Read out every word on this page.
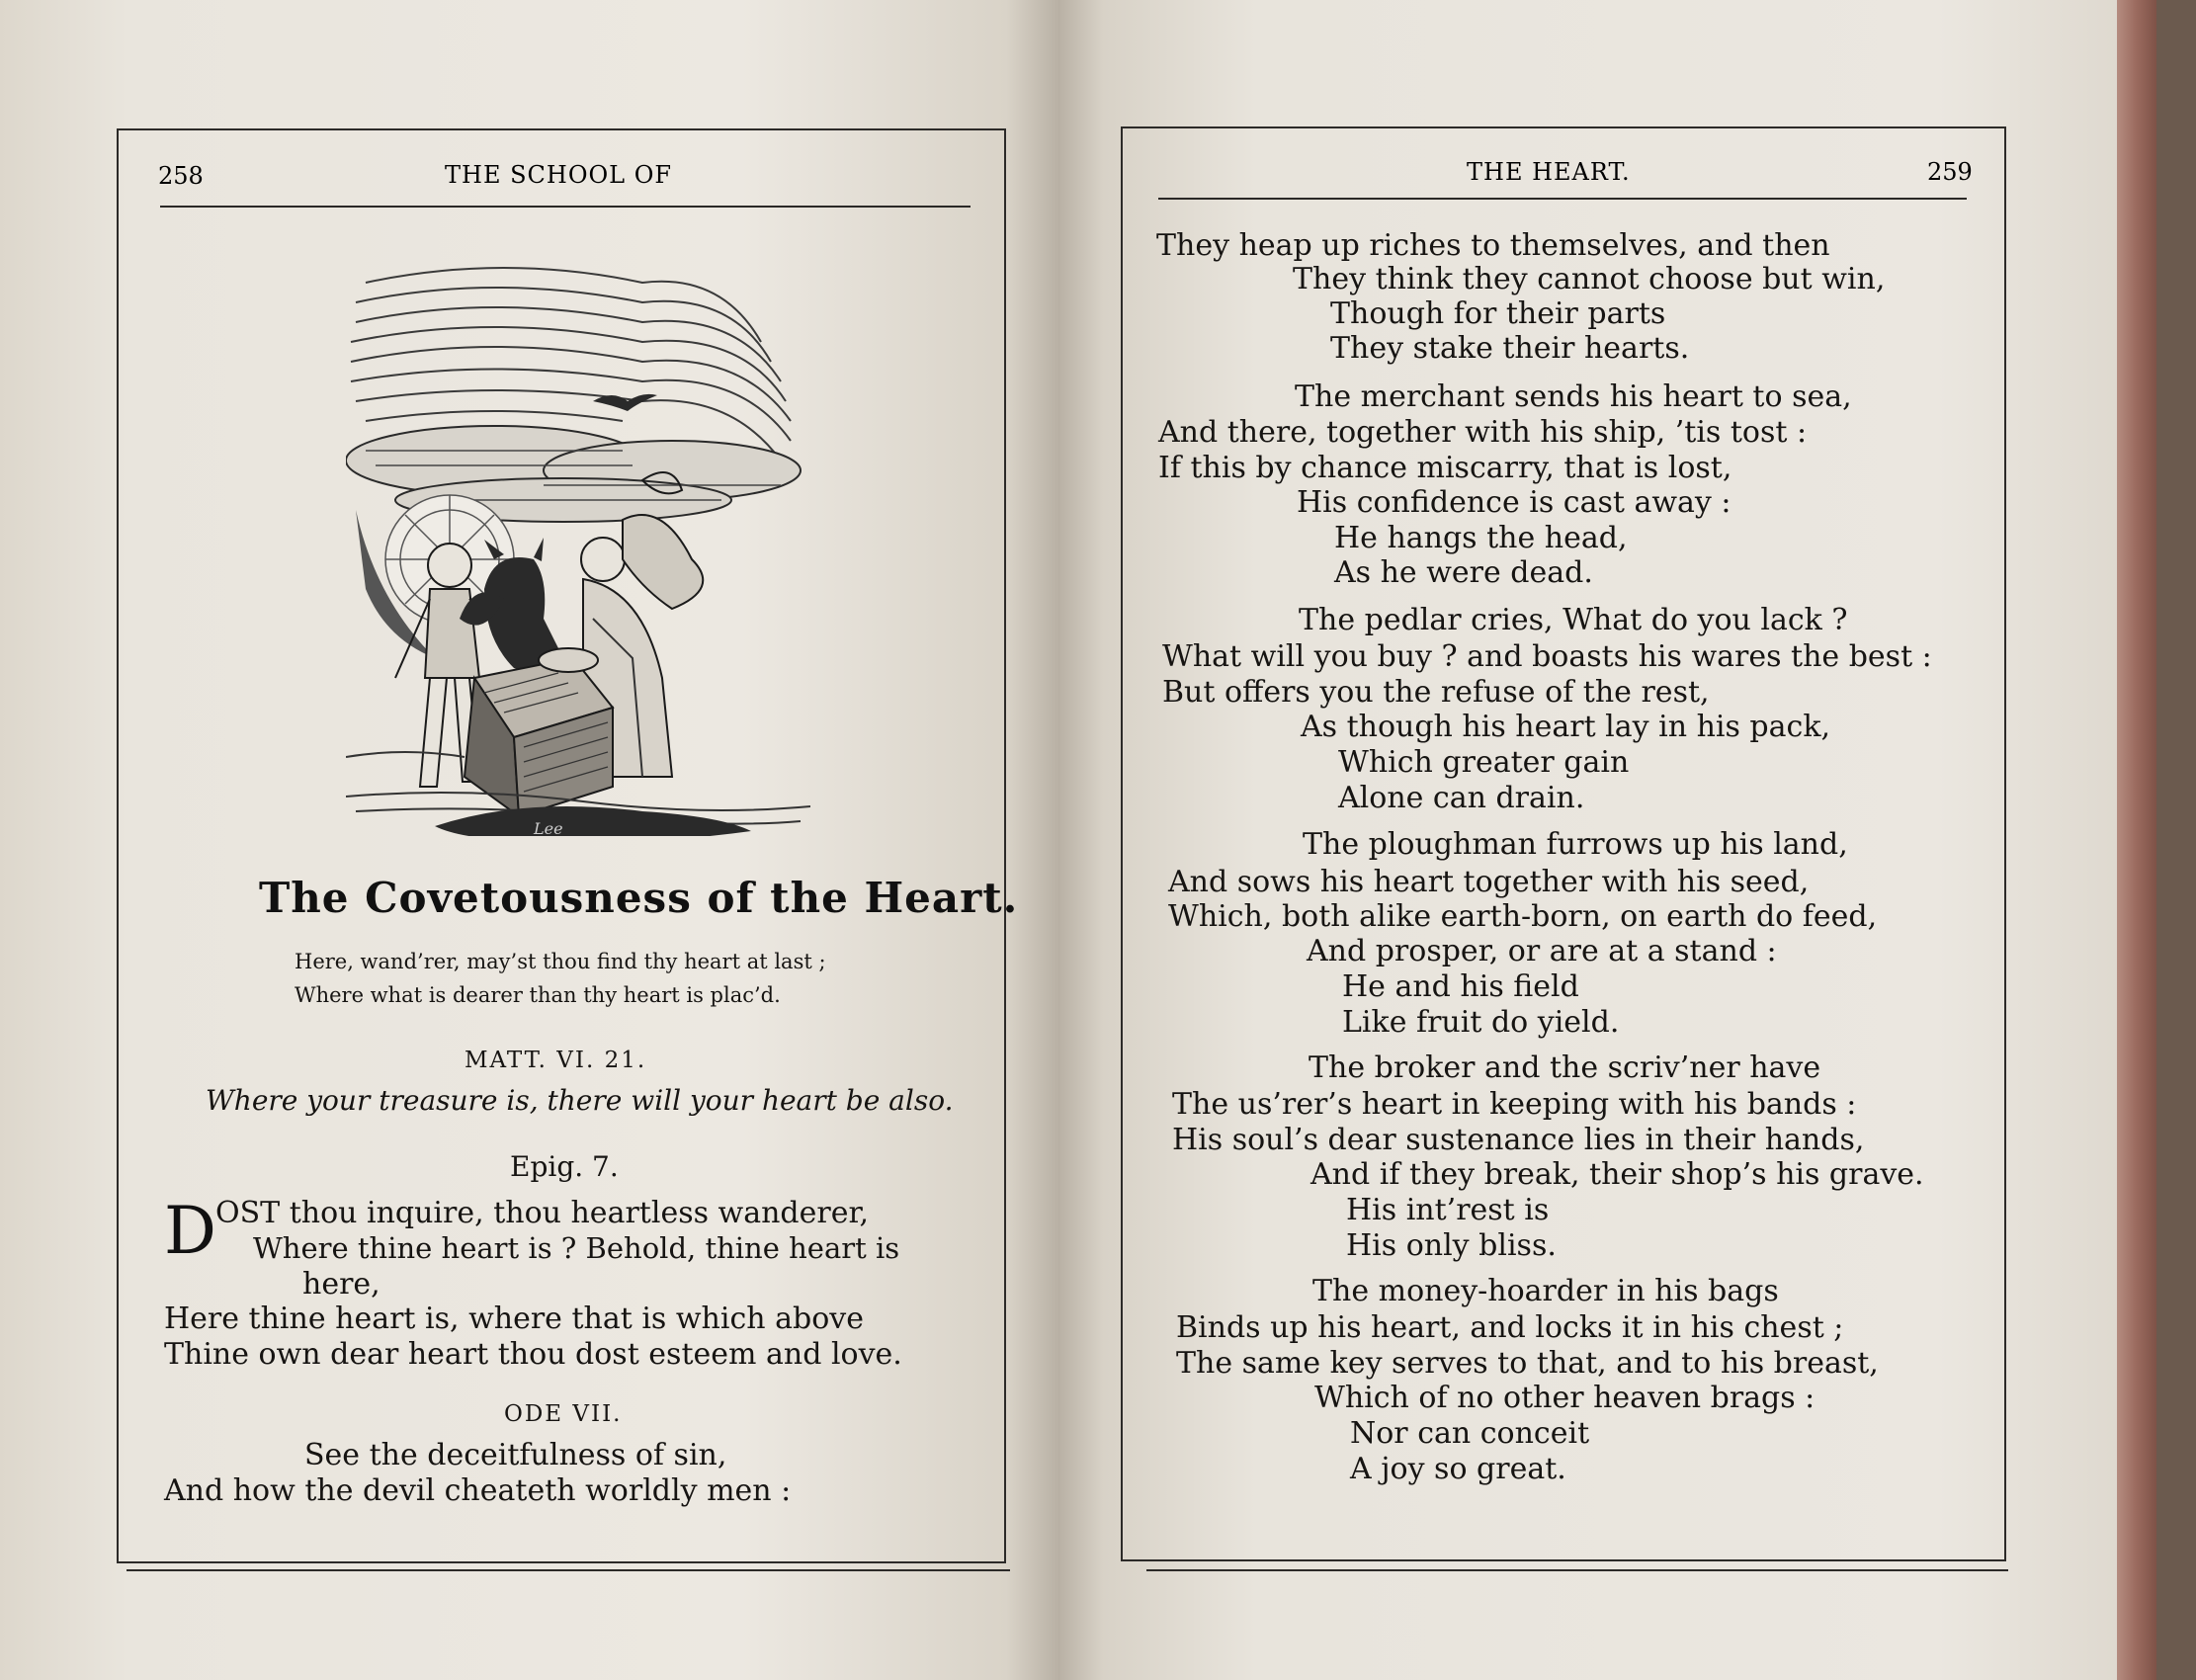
258	THE SCHOOL OF
Lee
The Covetousness of the Heart.
Here, wand’rer, may’st thou find thy heart at last ;
Where what is dearer than thy heart is plac’d.
MATT. VI. 21.
Where your treasure is, there will your heart be also.
Epig. 7.
D OST thou inquire, thou heartless wanderer,
Where thine heart is ? Behold, thine heart is
here,
Here thine heart is, where that is which above
Thine own dear heart thou dost esteem and love.
ODE VII.
See the deceitfulness of sin,
And how the devil cheateth worldly men :
THE HEART.	259
They heap up riches to themselves, and then
They think they cannot choose but win,
Though for their parts
They stake their hearts.
The merchant sends his heart to sea,
And there, together with his ship, ’tis tost :
If this by chance miscarry, that is lost,
His confidence is cast away :
He hangs the head,
As he were dead.
The pedlar cries, What do you lack ?
What will you buy ? and boasts his wares the best :
But offers you the refuse of the rest,
As though his heart lay in his pack,
Which greater gain
Alone can drain.
The ploughman furrows up his land,
And sows his heart together with his seed,
Which, both alike earth-born, on earth do feed,
And prosper, or are at a stand :
He and his field
Like fruit do yield.
The broker and the scriv’ner have
The us’rer’s heart in keeping with his bands :
His soul’s dear sustenance lies in their hands,
And if they break, their shop’s his grave.
His int’rest is
His only bliss.
The money-hoarder in his bags
Binds up his heart, and locks it in his chest ;
The same key serves to that, and to his breast,
Which of no other heaven brags :
Nor can conceit
A joy so great.
